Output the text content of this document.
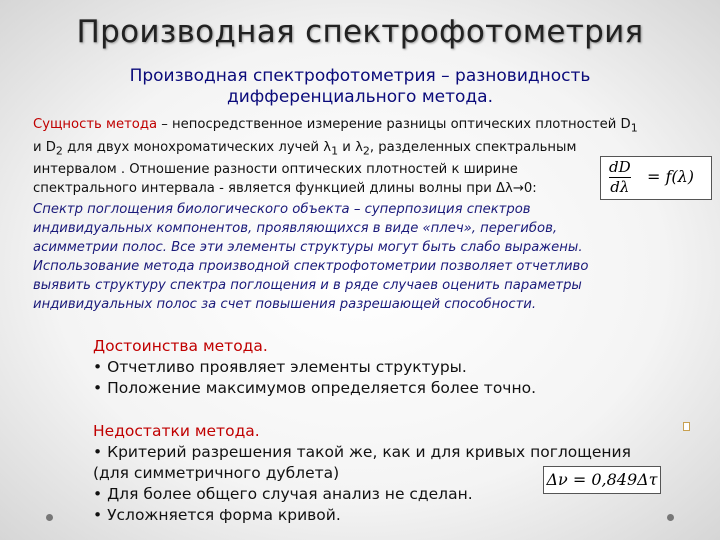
Производная спектрофотометрия
Производная спектрофотометрия – разновидность
дифференциального метода.
Сущность метода – непосредственное измерение разницы оптических плотностей $D_1$
и $D_2$ для двух монохроматических лучей $\lambda_1$ и $\lambda_2$, разделенных спектральным
интервалом . Отношение разности оптических плотностей к ширине
спектрального интервала - является функцией длины волны при Δλ→0:
dD
dλ
= f(λ)
Спектр поглощения биологического объекта – суперпозиция спектров
индивидуальных компонентов, проявляющихся в виде «плеч», перегибов,
асимметрии полос. Все эти элементы структуры могут быть слабо выражены.
Использование метода производной спектрофотометрии позволяет отчетливо
выявить структуру спектра поглощения и в ряде случаев оценить параметры
индивидуальных полос за счет повышения разрешающей способности.
Достоинства метода.
• Отчетливо проявляет элементы структуры.
• Положение максимумов определяется более точно.
Недостатки метода.
• Критерий разрешения такой же, как и для кривых поглощения
(для симметричного дублета)
• Для более общего случая анализ не сделан.
• Усложняется форма кривой.
Δν = 0,849Δτ
